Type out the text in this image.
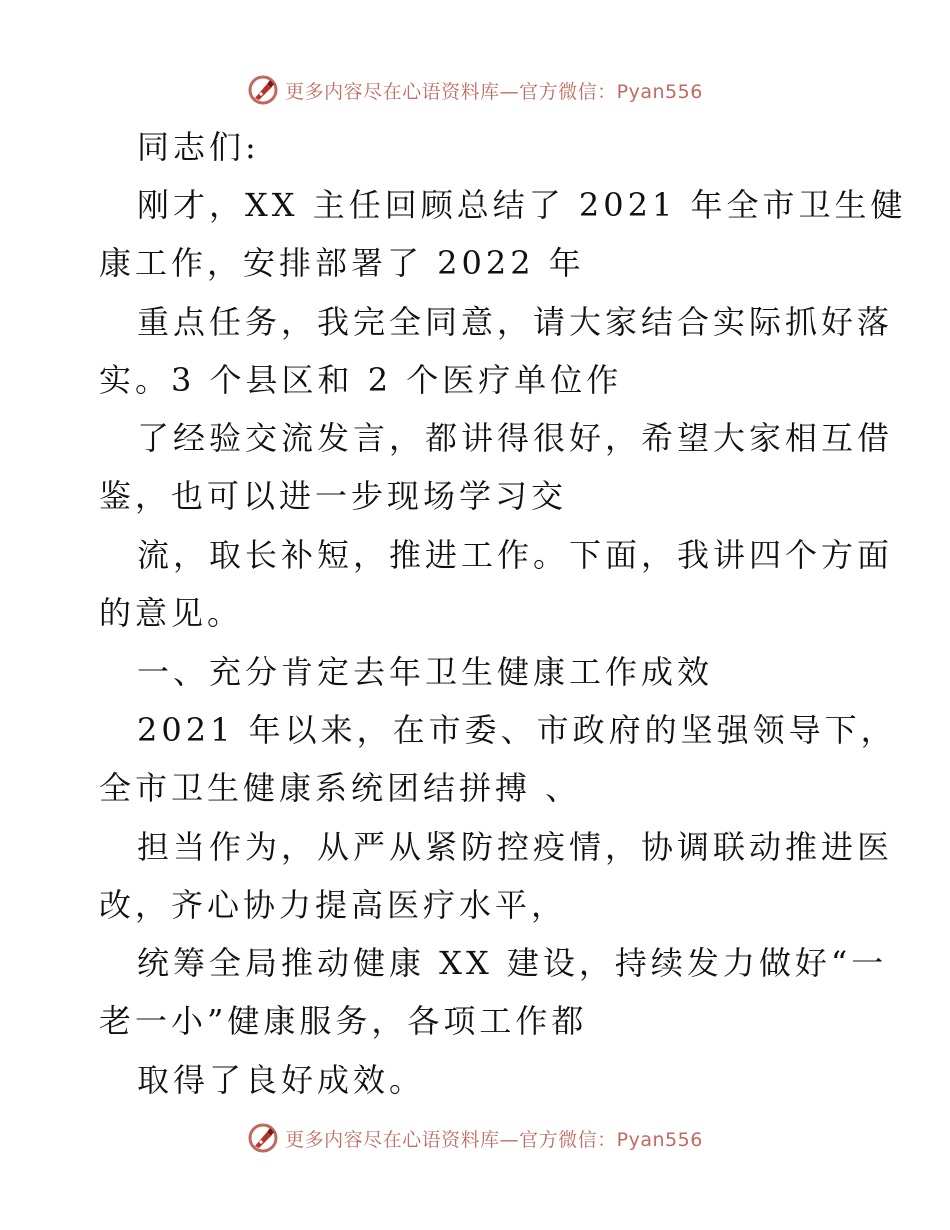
更多内容尽在心语资料库—官方微信：Pyan556
同志们:
刚才，XX 主任回顾总结了 2021 年全市卫生健
康工作，安排部署了 2022 年
重点任务，我完全同意，请大家结合实际抓好落
实。3 个县区和 2 个医疗单位作
了经验交流发言，都讲得很好，希望大家相互借
鉴，也可以进一步现场学习交
流，取长补短，推进工作。下面，我讲四个方面
的意见。
一、充分肯定去年卫生健康工作成效
2021 年以来，在市委、市政府的坚强领导下，
全市卫生健康系统团结拼搏 、
担当作为，从严从紧防控疫情，协调联动推进医
改，齐心协力提高医疗水平，
统筹全局推动健康 XX 建设，持续发力做好“一
老一小”健康服务，各项工作都
取得了良好成效。
更多内容尽在心语资料库—官方微信：Pyan556
